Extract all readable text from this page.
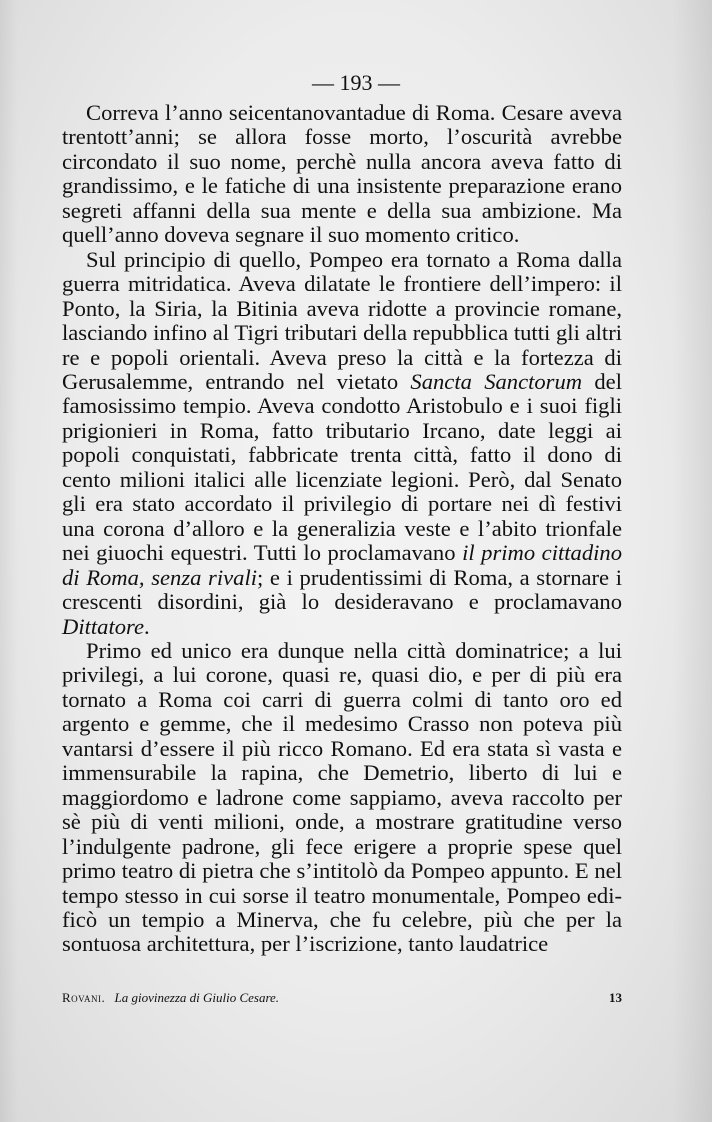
— 193 —

Correva l’anno seicentanovantadue di Roma. Cesare aveva trentott’anni; se allora fosse morto, l’oscurità avrebbe circondato il suo nome, perchè nulla ancora aveva fatto di grandissimo, e le fatiche di una insistente preparazione erano segreti affanni della sua mente e della sua ambizione. Ma quell’anno doveva segnare il suo momento critico.

Sul principio di quello, Pompeo era tornato a Roma dalla guerra mitridatica. Aveva dilatate le frontiere dell’impero: il Ponto, la Siria, la Bitinia aveva ridotte a provincie romane, lasciando infino al Tigri tributari della repubblica tutti gli altri re e popoli orientali. Aveva preso la città e la fortezza di Gerusalemme, entrando nel vietato Sancta Sanctorum del famosissimo tempio. Aveva condotto Aristobulo e i suoi figli prigionieri in Roma, fatto tributario Ircano, date leggi ai popoli conquistati, fabbricate trenta città, fatto il dono di cento milioni italici alle licenziate legioni. Però, dal Senato gli era stato accordato il privilegio di portare nei dì festivi una corona d’alloro e la generalizia veste e l’abito trionfale nei giuochi equestri. Tutti lo proclamavano il primo cittadino di Roma, senza rivali; e i prudentissimi di Roma, a stornare i crescenti disordini, già lo desideravano e proclamavano Dittatore.

Primo ed unico era dunque nella città dominatrice; a lui privilegi, a lui corone, quasi re, quasi dio, e per di più era tornato a Roma coi carri di guerra colmi di tanto oro ed argento e gemme, che il medesimo Crasso non poteva più vantarsi d’essere il più ricco Romano. Ed era stata sì vasta e immensurabile la rapina, che Demetrio, liberto di lui e maggiordomo e ladrone come sappiamo, aveva raccolto per sè più di venti milioni, onde, a mostrare gratitudine verso l’indulgente padrone, gli fece erigere a proprie spese quel primo teatro di pietra che s’intitolò da Pompeo appunto. E nel tempo stesso in cui sorse il teatro monumentale, Pompeo edificò un tempio a Minerva, che fu celebre, più che per la sontuosa architettura, per l’iscrizione, tanto laudatrice

Rovani. La giovinezza di Giulio Cesare.	13
